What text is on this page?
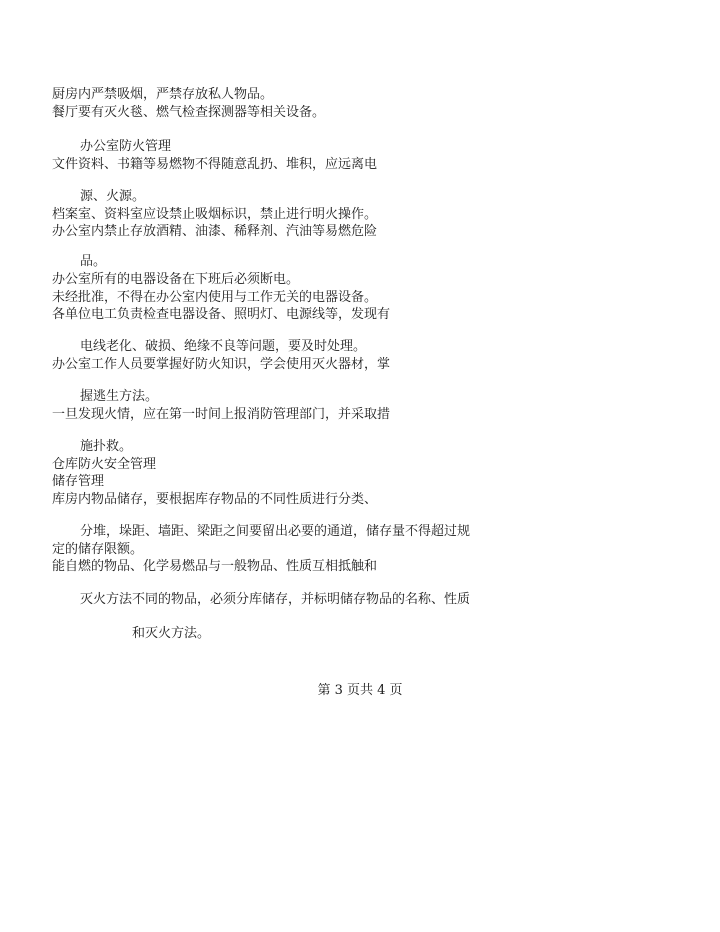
厨房内严禁吸烟，严禁存放私人物品。
餐厅要有灭火毯、燃气检查探测器等相关设备。
办公室防火管理
文件资料、书籍等易燃物不得随意乱扔、堆积，应远离电
源、火源。
档案室、资料室应设禁止吸烟标识，禁止进行明火操作。
办公室内禁止存放酒精、油漆、稀释剂、汽油等易燃危险
品。
办公室所有的电器设备在下班后必须断电。
未经批准，不得在办公室内使用与工作无关的电器设备。
各单位电工负责检查电器设备、照明灯、电源线等，发现有
电线老化、破损、绝缘不良等问题，要及时处理。
办公室工作人员要掌握好防火知识，学会使用灭火器材，掌
握逃生方法。
一旦发现火情，应在第一时间上报消防管理部门，并采取措
施扑救。
仓库防火安全管理
储存管理
库房内物品储存，要根据库存物品的不同性质进行分类、
分堆，垛距、墙距、梁距之间要留出必要的通道，储存量不得超过规
定的储存限额。
能自燃的物品、化学易燃品与一般物品、性质互相抵触和
灭火方法不同的物品，必须分库储存，并标明储存物品的名称、性质
和灭火方法。
第 3 页共 4 页
